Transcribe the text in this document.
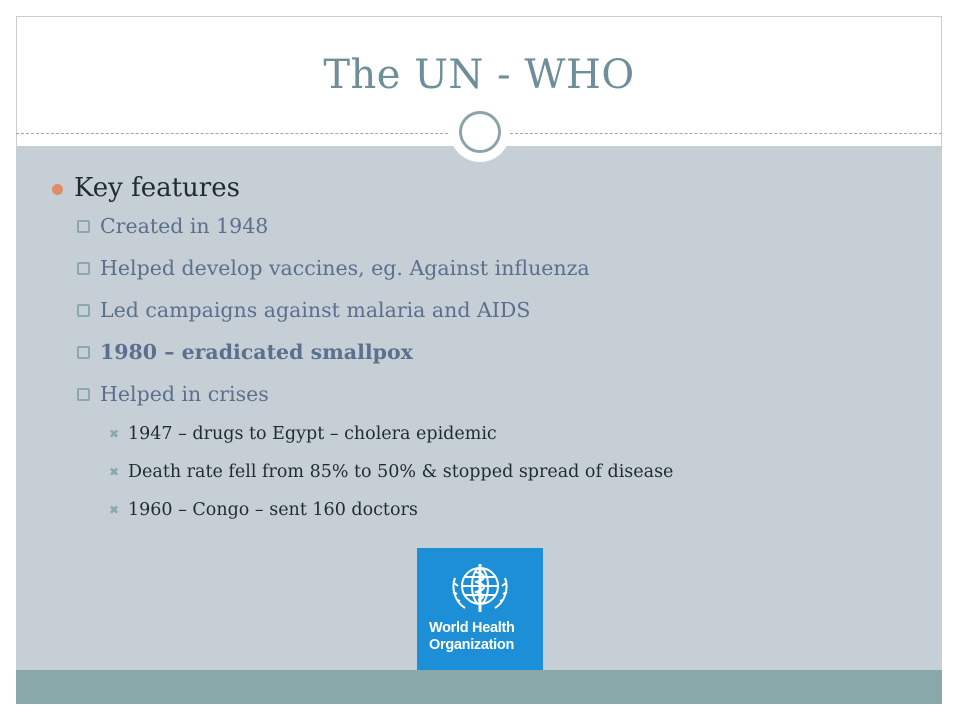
The UN - WHO
Key features
Created in 1948
Helped develop vaccines, eg. Against influenza
Led campaigns against malaria and AIDS
1980 – eradicated smallpox
Helped in crises
✖ 1947 – drugs to Egypt – cholera epidemic
✖ Death rate fell from 85% to 50% & stopped spread of disease
✖ 1960 – Congo – sent 160 doctors
World Health
Organization
